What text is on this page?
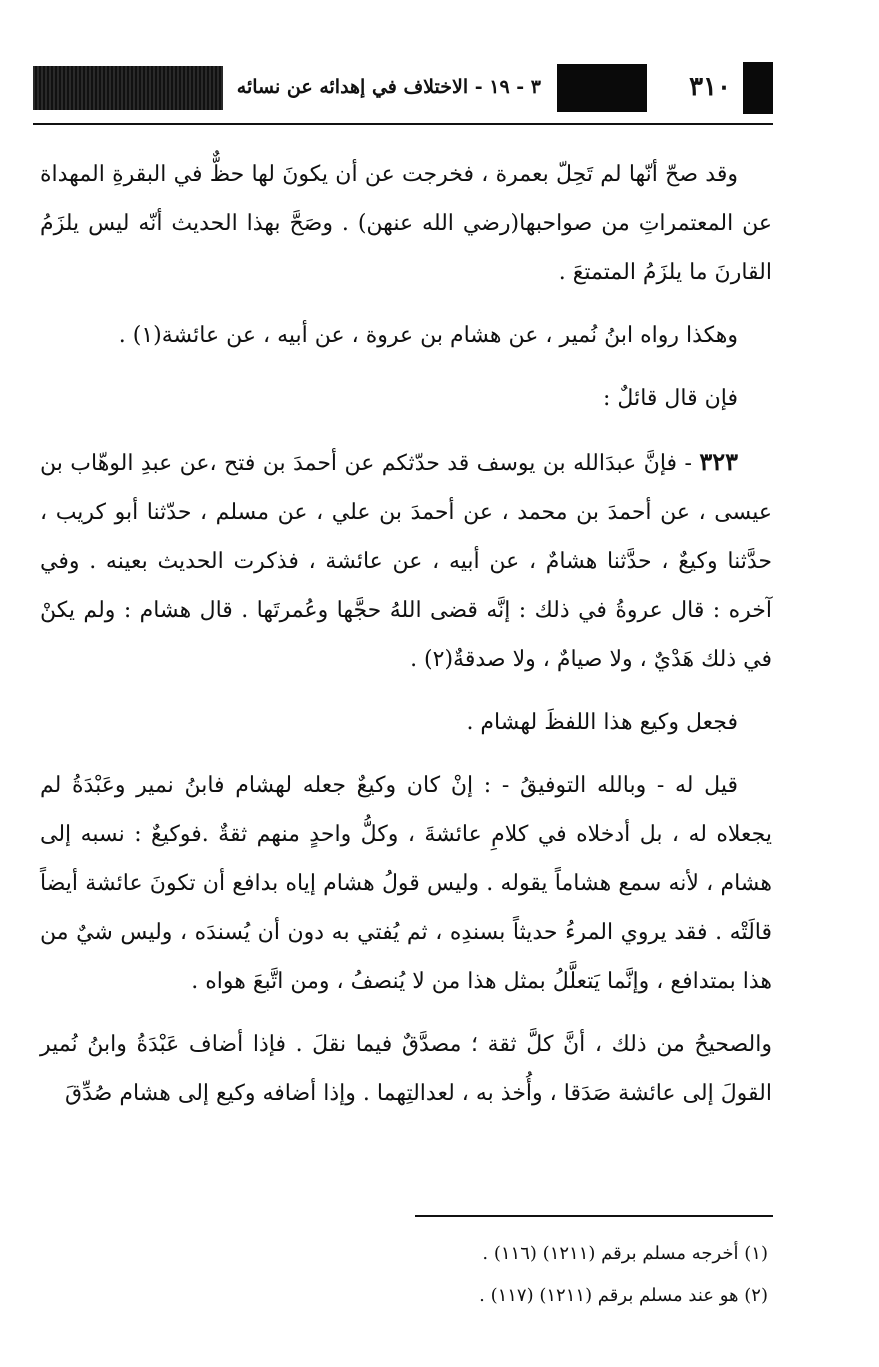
٣١٠
٣ - ١٩ - الاختلاف في إهدائه عن نسائه

وقد صحّ أنّها لم تَحِلّ بعمرة ، فخرجت عن أن يكونَ لها حظٌّ في البقرةِ المهداة عن المعتمراتِ من صواحبها(رضي الله عنهن) . وصَحَّ بهذا الحديث أنّه ليس يلزَمُ القارنَ ما يلزَمُ المتمتعَ .

وهكذا رواه ابنُ نُمير ، عن هشام بن عروة ، عن أبيه ، عن عائشة(١) .

فإن قال قائلٌ :

٣٢٣ - فإنَّ عبدَالله بن يوسف قد حدّثكم عن أحمدَ بن فتح ،عن عبدِ الوهّاب بن عيسى ، عن أحمدَ بن محمد ، عن أحمدَ بن علي ، عن مسلم ، حدّثنا أبو كريب ، حدَّثنا وكيعٌ ، حدَّثنا هشامٌ ، عن أبيه ، عن عائشة ، فذكرت الحديث بعينه . وفي آخره : قال عروةُ في ذلك : إنَّه قضى اللهُ حجَّها وعُمرتَها . قال هشام : ولم يكنْ في ذلك هَدْيٌ ، ولا صيامٌ ، ولا صدقةٌ(٢) .

فجعل وكيع هذا اللفظَ لهشام .

قيل له - وبالله التوفيقُ - : إنْ كان وكيعٌ جعله لهشام فابنُ نمير وعَبْدَةُ لم يجعلاه له ، بل أدخلاه في كلامِ عائشةَ ، وكلُّ واحدٍ منهم ثقةٌ .فوكيعٌ : نسبه إلى هشام ، لأنه سمع هشاماً يقوله . وليس قولُ هشام إياه بدافع أن تكونَ عائشة أيضاً قالَتْه . فقد يروي المرءُ حديثاً بسندِه ، ثم يُفتي به دون أن يُسندَه ، وليس شيٌ من هذا بمتدافع ، وإنَّما يَتعلَّلُ بمثل هذا من لا يُنصفُ ، ومن اتَّبعَ هواه .

والصحيحُ من ذلك ، أنَّ كلَّ ثقة ؛ مصدَّقٌ فيما نقلَ . فإذا أضاف عَبْدَةُ وابنُ نُمير القولَ إلى عائشة صَدَقا ، وأُخذ به ، لعدالتِهما . وإذا أضافه وكيع إلى هشام صُدِّقَ

(١) أخرجه مسلم برقم (١٢١١) (١١٦) .

(٢) هو عند مسلم برقم (١٢١١) (١١٧) .
